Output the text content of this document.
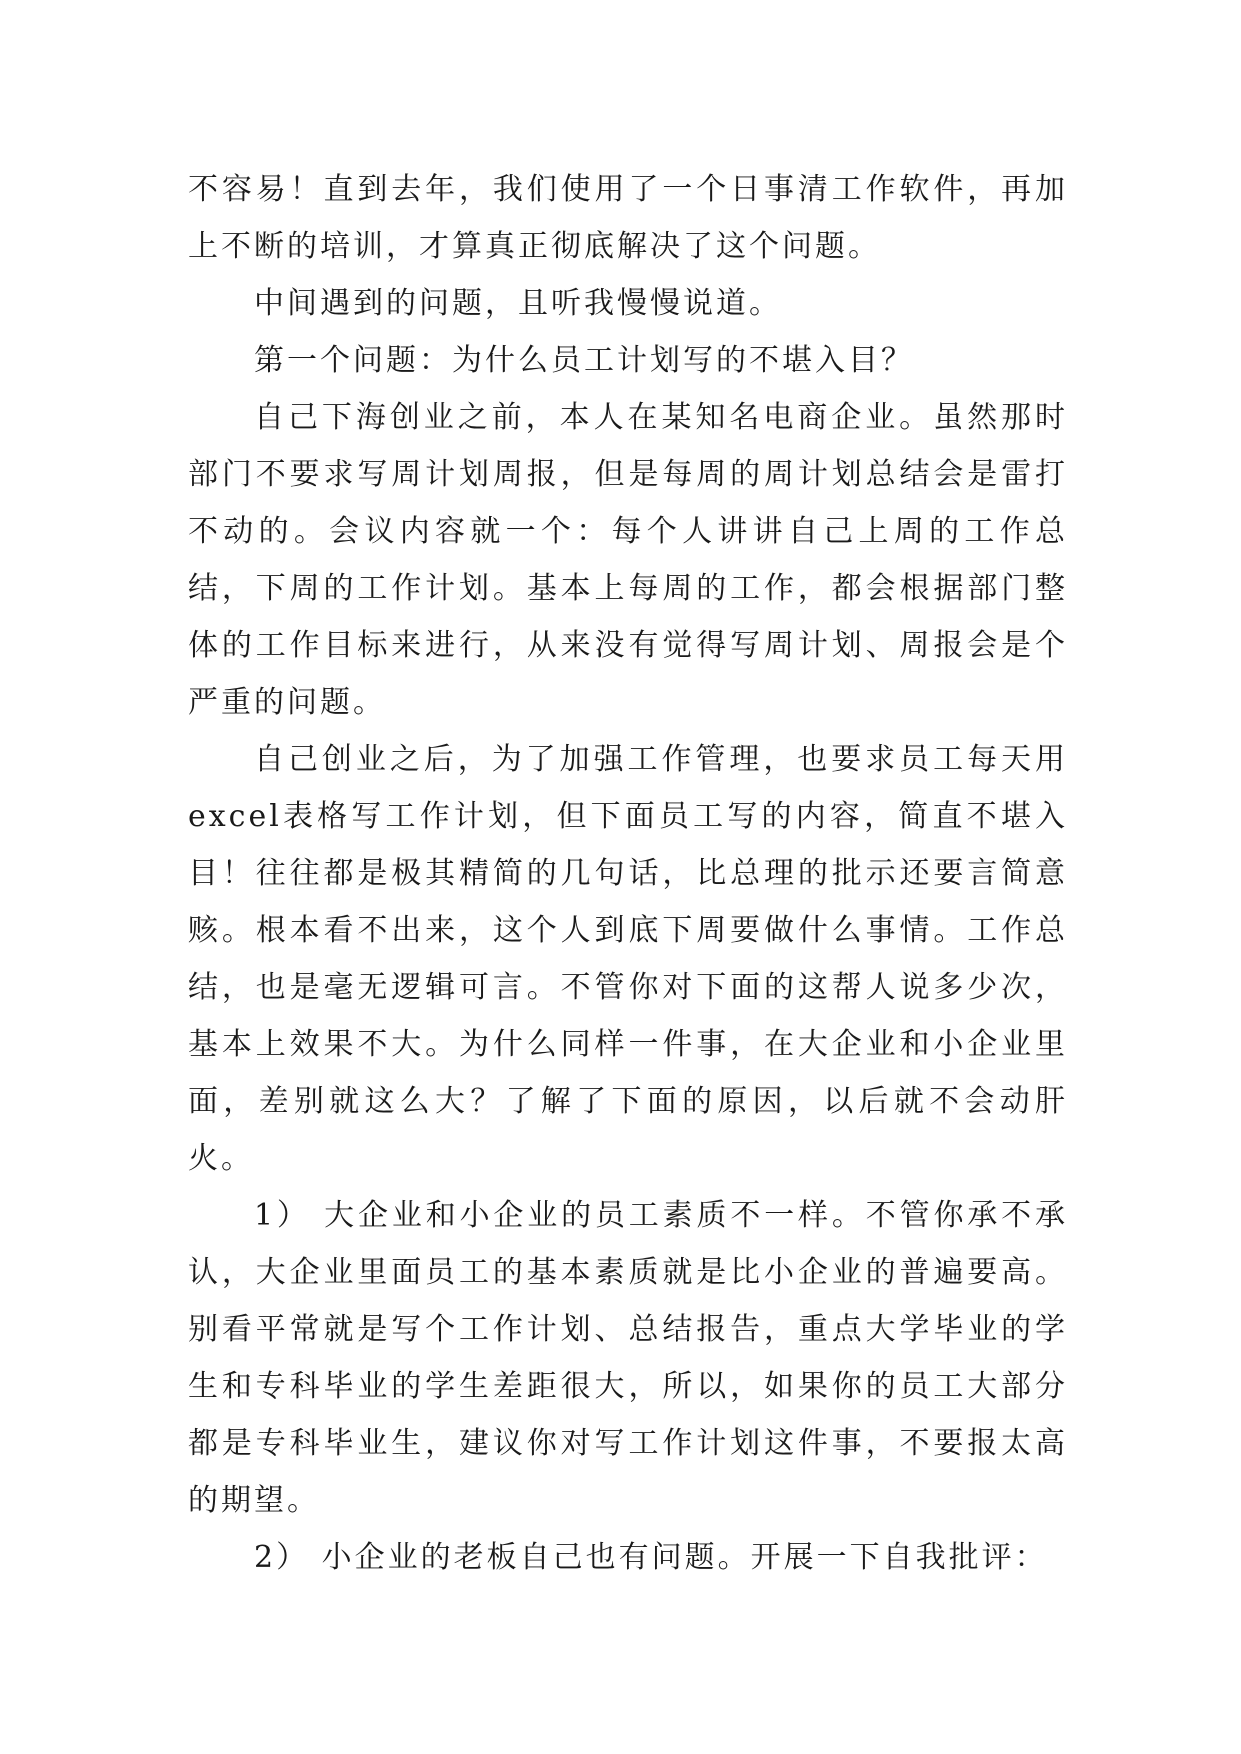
不容易！直到去年，我们使用了一个日事清工作软件，再加上不断的培训，才算真正彻底解决了这个问题。

中间遇到的问题，且听我慢慢说道。

第一个问题：为什么员工计划写的不堪入目？

自己下海创业之前，本人在某知名电商企业。虽然那时部门不要求写周计划周报，但是每周的周计划总结会是雷打不动的。会议内容就一个：每个人讲讲自己上周的工作总结，下周的工作计划。基本上每周的工作，都会根据部门整体的工作目标来进行，从来没有觉得写周计划、周报会是个严重的问题。

自己创业之后，为了加强工作管理，也要求员工每天用excel表格写工作计划，但下面员工写的内容，简直不堪入目！往往都是极其精简的几句话，比总理的批示还要言简意赅。根本看不出来，这个人到底下周要做什么事情。工作总结，也是毫无逻辑可言。不管你对下面的这帮人说多少次，基本上效果不大。为什么同样一件事，在大企业和小企业里面，差别就这么大？了解了下面的原因，以后就不会动肝火。

1） 大企业和小企业的员工素质不一样。不管你承不承认，大企业里面员工的基本素质就是比小企业的普遍要高。别看平常就是写个工作计划、总结报告，重点大学毕业的学生和专科毕业的学生差距很大，所以，如果你的员工大部分都是专科毕业生，建议你对写工作计划这件事，不要报太高的期望。

2） 小企业的老板自己也有问题。开展一下自我批评：
